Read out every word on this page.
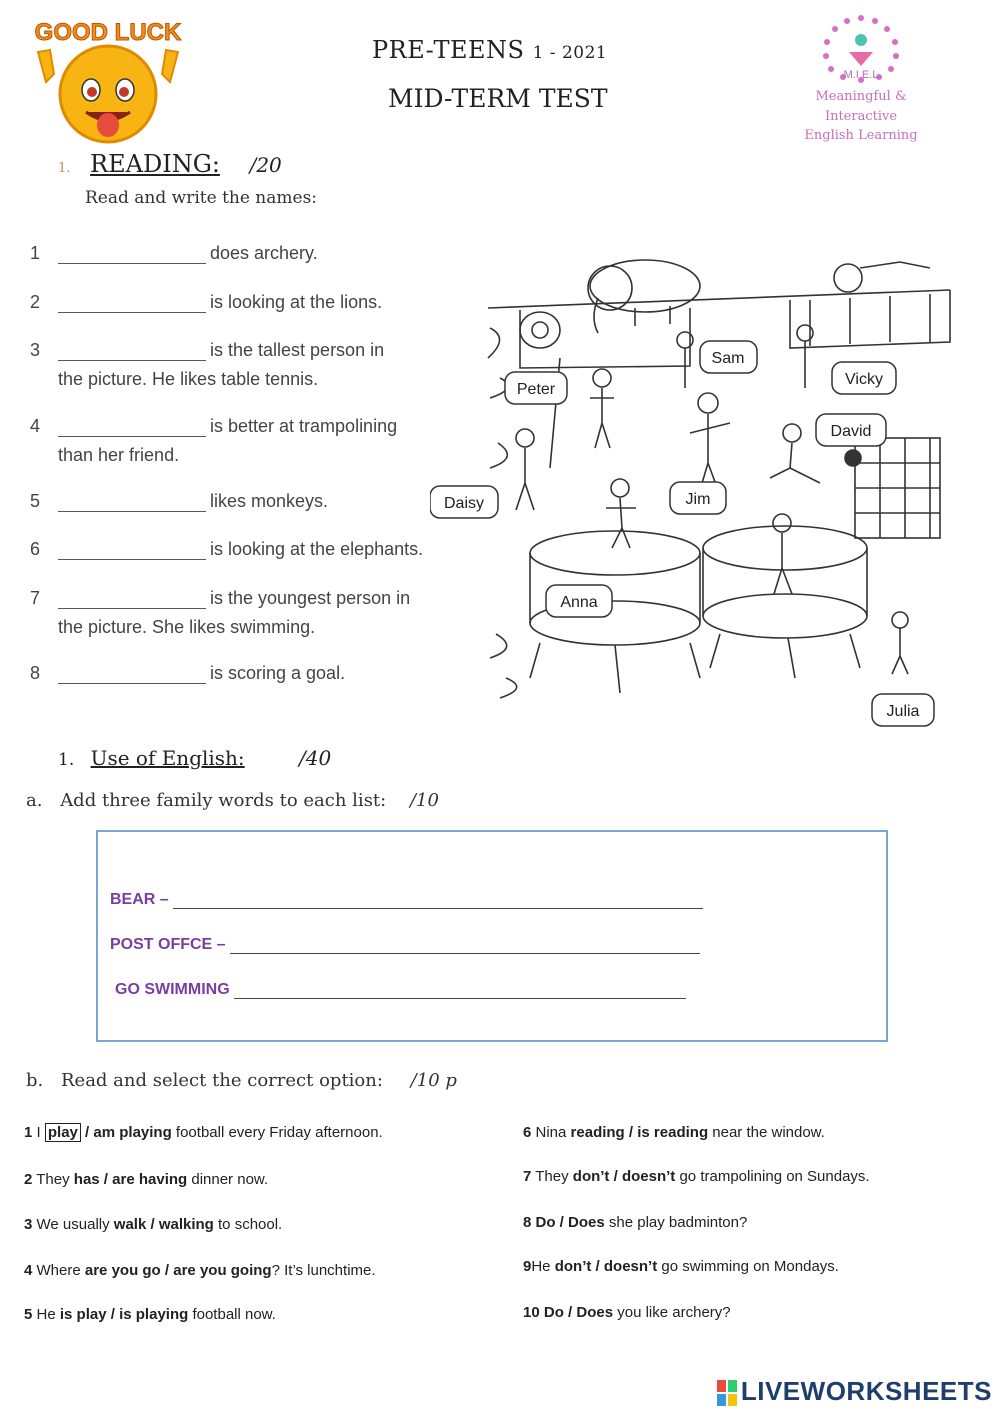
GOOD LUCK
PRE-TEENS 1 - 2021
MID-TERM TEST
M.I.E.L
Meaningful & Interactive
English Learning
1. READING: /20
Read and write the names:
1	does archery.
2	is looking at the lions.
3	is the tallest person in
the picture. He likes table tennis.
4	is better at trampolining
than her friend.
5	likes monkeys.
6	is looking at the elephants.
7	is the youngest person in
the picture. She likes swimming.
8	is scoring a goal.
Sam
Vicky
Peter
David
Daisy	Jim
Anna
Julia
1. Use of English:	/40
a. Add three family words to each list: /10
BEAR –
POST OFFCE –
GO SWIMMING
b. Read and select the correct option: /10 p
1 I play / am playing football every Friday afternoon.
2 They has / are having dinner now.
3 We usually walk / walking to school.
4 Where are you go / are you going? It’s lunchtime.
5 He is play / is playing football now.
6 Nina reading / is reading near the window.
7 They don’t / doesn’t go trampolining on Sundays.
8 Do / Does she play badminton?
9He don’t / doesn’t go swimming on Mondays.
10 Do / Does you like archery?
LIVEWORKSHEETS
